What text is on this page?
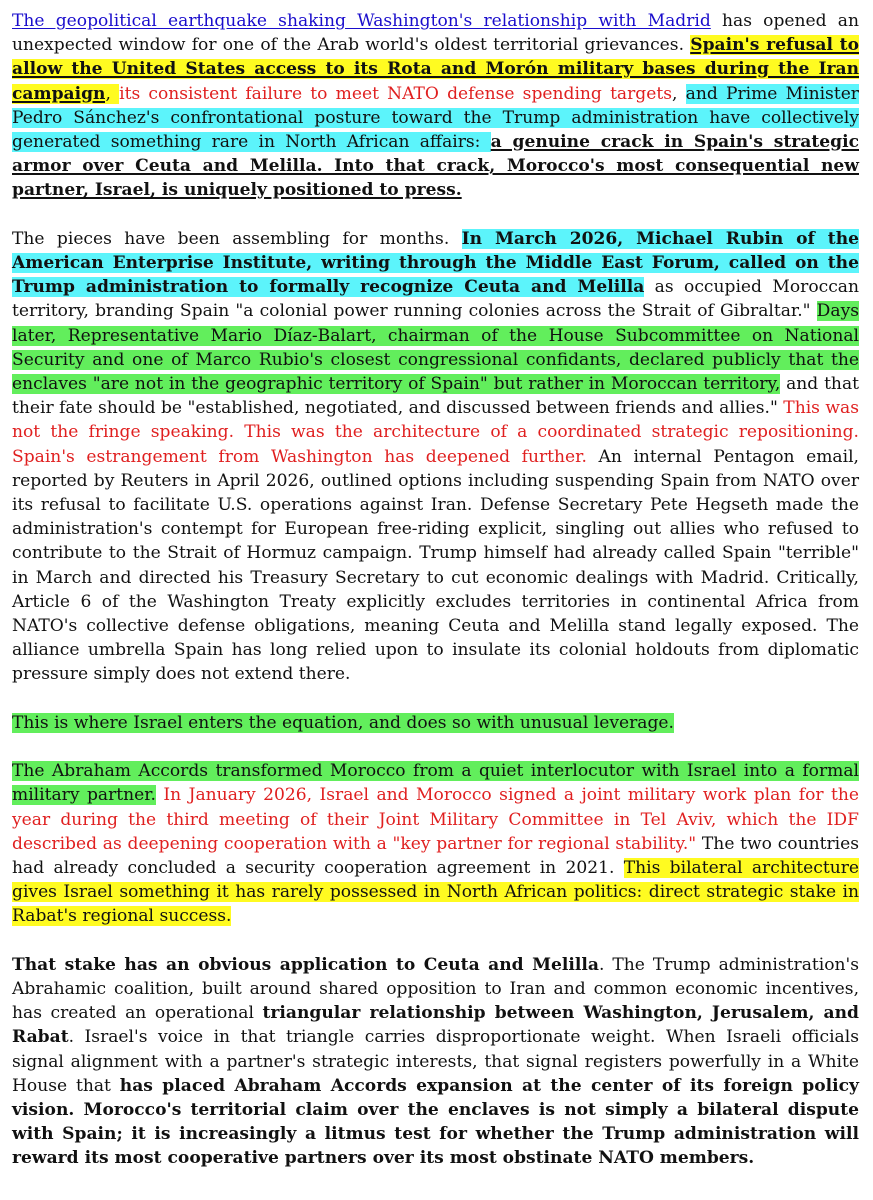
The geopolitical earthquake shaking Washington's relationship with Madrid has opened an unexpected window for one of the Arab world's oldest territorial grievances. Spain's refusal to allow the United States access to its Rota and Morón military bases during the Iran campaign, its consistent failure to meet NATO defense spending targets, and Prime Minister Pedro Sánchez's confrontational posture toward the Trump administration have collectively generated something rare in North African affairs: a genuine crack in Spain's strategic armor over Ceuta and Melilla. Into that crack, Morocco's most consequential new partner, Israel, is uniquely positioned to press.

The pieces have been assembling for months. In March 2026, Michael Rubin of the American Enterprise Institute, writing through the Middle East Forum, called on the Trump administration to formally recognize Ceuta and Melilla as occupied Moroccan territory, branding Spain "a colonial power running colonies across the Strait of Gibraltar." Days later, Representative Mario Díaz-Balart, chairman of the House Subcommittee on National Security and one of Marco Rubio's closest congressional confidants, declared publicly that the enclaves "are not in the geographic territory of Spain" but rather in Moroccan territory, and that their fate should be "established, negotiated, and discussed between friends and allies." This was not the fringe speaking. This was the architecture of a coordinated strategic repositioning. Spain's estrangement from Washington has deepened further. An internal Pentagon email, reported by Reuters in April 2026, outlined options including suspending Spain from NATO over its refusal to facilitate U.S. operations against Iran. Defense Secretary Pete Hegseth made the administration's contempt for European free-riding explicit, singling out allies who refused to contribute to the Strait of Hormuz campaign. Trump himself had already called Spain "terrible" in March and directed his Treasury Secretary to cut economic dealings with Madrid. Critically, Article 6 of the Washington Treaty explicitly excludes territories in continental Africa from NATO's collective defense obligations, meaning Ceuta and Melilla stand legally exposed. The alliance umbrella Spain has long relied upon to insulate its colonial holdouts from diplomatic pressure simply does not extend there.

This is where Israel enters the equation, and does so with unusual leverage.

The Abraham Accords transformed Morocco from a quiet interlocutor with Israel into a formal military partner. In January 2026, Israel and Morocco signed a joint military work plan for the year during the third meeting of their Joint Military Committee in Tel Aviv, which the IDF described as deepening cooperation with a "key partner for regional stability." The two countries had already concluded a security cooperation agreement in 2021. This bilateral architecture gives Israel something it has rarely possessed in North African politics: direct strategic stake in Rabat's regional success.

That stake has an obvious application to Ceuta and Melilla. The Trump administration's Abrahamic coalition, built around shared opposition to Iran and common economic incentives, has created an operational triangular relationship between Washington, Jerusalem, and Rabat. Israel's voice in that triangle carries disproportionate weight. When Israeli officials signal alignment with a partner's strategic interests, that signal registers powerfully in a White House that has placed Abraham Accords expansion at the center of its foreign policy vision. Morocco's territorial claim over the enclaves is not simply a bilateral dispute with Spain; it is increasingly a litmus test for whether the Trump administration will reward its most cooperative partners over its most obstinate NATO members.
